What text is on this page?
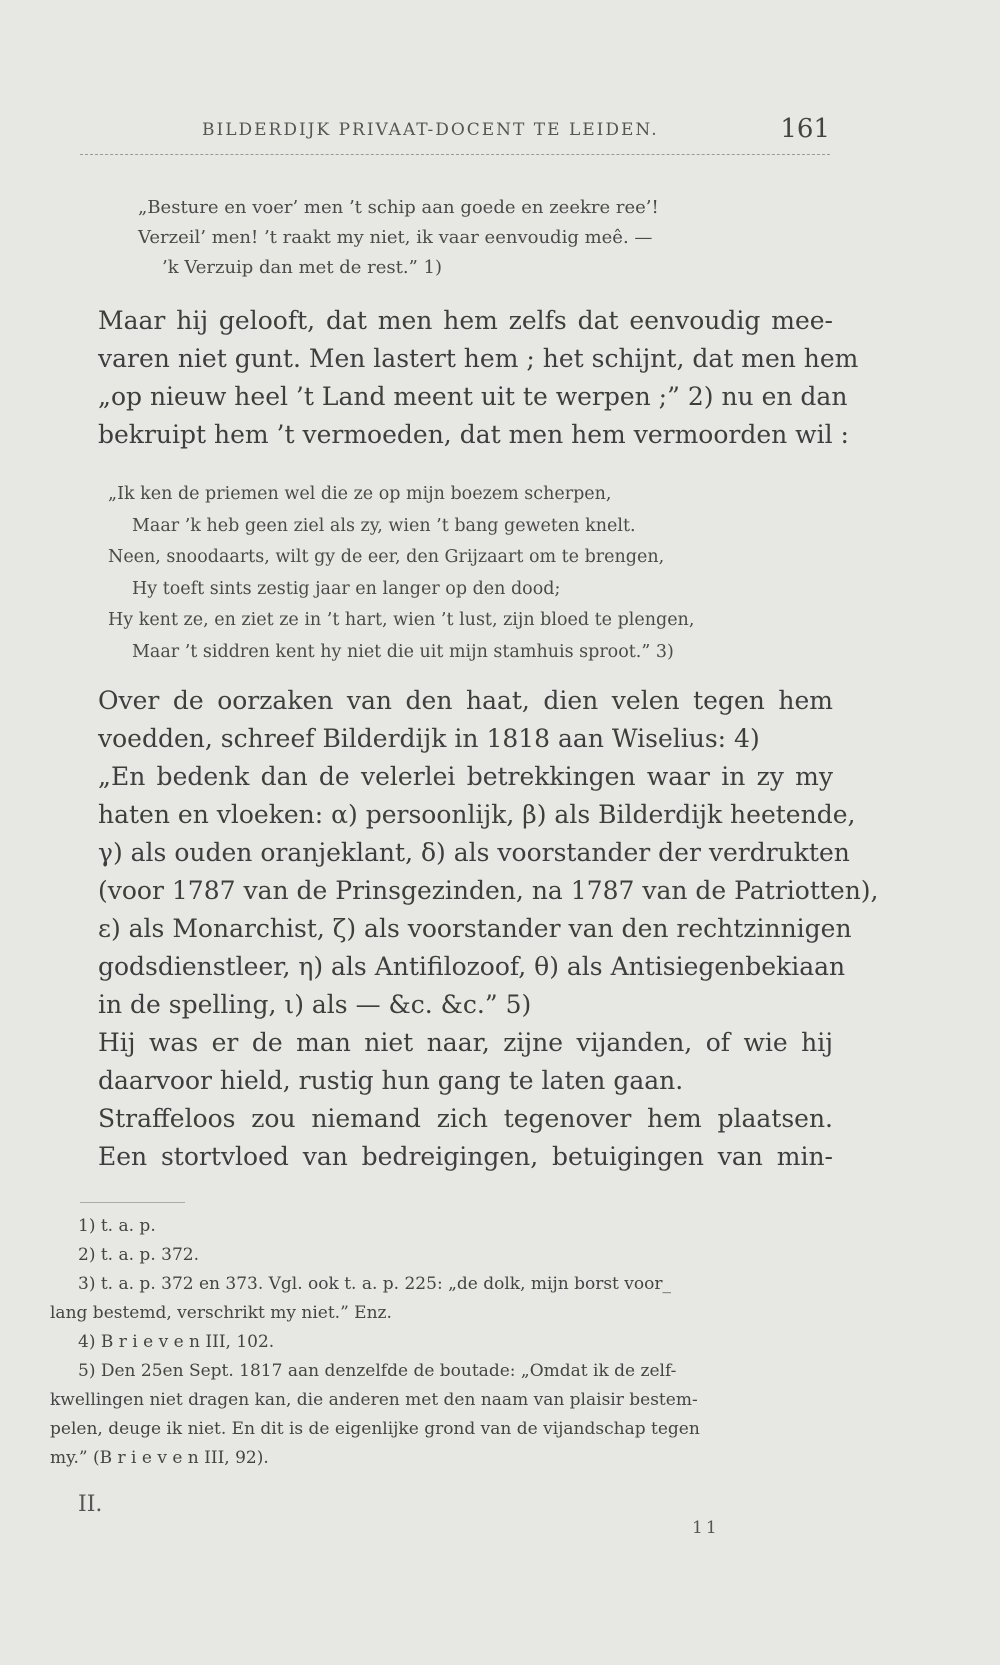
BILDERDIJK PRIVAAT-DOCENT TE LEIDEN.	161
„Besture en voer’ men ’t schip aan goede en zeekre ree’!
Verzeil’ men! ’t raakt my niet, ik vaar eenvoudig meê. —
’k Verzuip dan met de rest.” 1)
Maar hij gelooft, dat men hem zelfs dat eenvoudig mee-
varen niet gunt. Men lastert hem ; het schijnt, dat men hem
„op nieuw heel ’t Land meent uit te werpen ;” 2) nu en dan
bekruipt hem ’t vermoeden, dat men hem vermoorden wil :
„Ik ken de priemen wel die ze op mijn boezem scherpen,
Maar ’k heb geen ziel als zy, wien ’t bang geweten knelt.
Neen, snoodaarts, wilt gy de eer, den Grijzaart om te brengen,
Hy toeft sints zestig jaar en langer op den dood;
Hy kent ze, en ziet ze in ’t hart, wien ’t lust, zijn bloed te plengen,
Maar ’t siddren kent hy niet die uit mijn stamhuis sproot.” 3)
Over de oorzaken van den haat, dien velen tegen hem
voedden, schreef Bilderdijk in 1818 aan Wiselius: 4)
„En bedenk dan de velerlei betrekkingen waar in zy my
haten en vloeken: α) persoonlijk, β) als Bilderdijk heetende,
γ) als ouden oranjeklant, δ) als voorstander der verdrukten
(voor 1787 van de Prinsgezinden, na 1787 van de Patriotten),
ε) als Monarchist, ζ) als voorstander van den rechtzinnigen
godsdienstleer, η) als Antifilozoof, θ) als Antisiegenbekiaan
in de spelling, ι) als — &c. &c.” 5)
Hij was er de man niet naar, zijne vijanden, of wie hij
daarvoor hield, rustig hun gang te laten gaan.
Straffeloos zou niemand zich tegenover hem plaatsen.
Een stortvloed van bedreigingen, betuigingen van min-
1) t. a. p.
2) t. a. p. 372.
3) t. a. p. 372 en 373. Vgl. ook t. a. p. 225: „de dolk, mijn borst voor_
lang bestemd, verschrikt my niet.” Enz.
4) B r i e v e n III, 102.
5) Den 25en Sept. 1817 aan denzelfde de boutade: „Omdat ik de zelf-
kwellingen niet dragen kan, die anderen met den naam van plaisir bestem-
pelen, deuge ik niet. En dit is de eigenlijke grond van de vijandschap tegen
my.” (B r i e v e n III, 92).
II.
11
